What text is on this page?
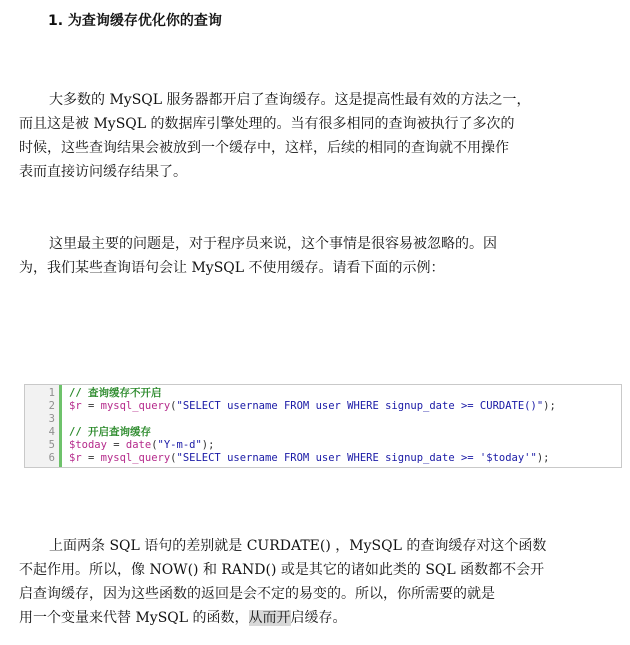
1. 为查询缓存优化你的查询

大多数的 MySQL 服务器都开启了查询缓存。这是提高性最有效的方法之一，
而且这是被 MySQL 的数据库引擎处理的。当有很多相同的查询被执行了多次的
时候，这些查询结果会被放到一个缓存中，这样，后续的相同的查询就不用操作
表而直接访问缓存结果了。

这里最主要的问题是，对于程序员来说，这个事情是很容易被忽略的。因
为，我们某些查询语句会让 MySQL 不使用缓存。请看下面的示例：

1 // 查询缓存不开启
2 $r = mysql_query("SELECT username FROM user WHERE signup_date >= CURDATE()");
3
4 // 开启查询缓存
5 $today = date("Y-m-d");
6 $r = mysql_query("SELECT username FROM user WHERE signup_date >= '$today'");

上面两条 SQL 语句的差别就是 CURDATE() ，MySQL 的查询缓存对这个函数
不起作用。所以，像 NOW() 和 RAND() 或是其它的诸如此类的 SQL 函数都不会开
启查询缓存，因为这些函数的返回是会不定的易变的。所以，你所需要的就是
用一个变量来代替 MySQL 的函数，从而开启缓存。
